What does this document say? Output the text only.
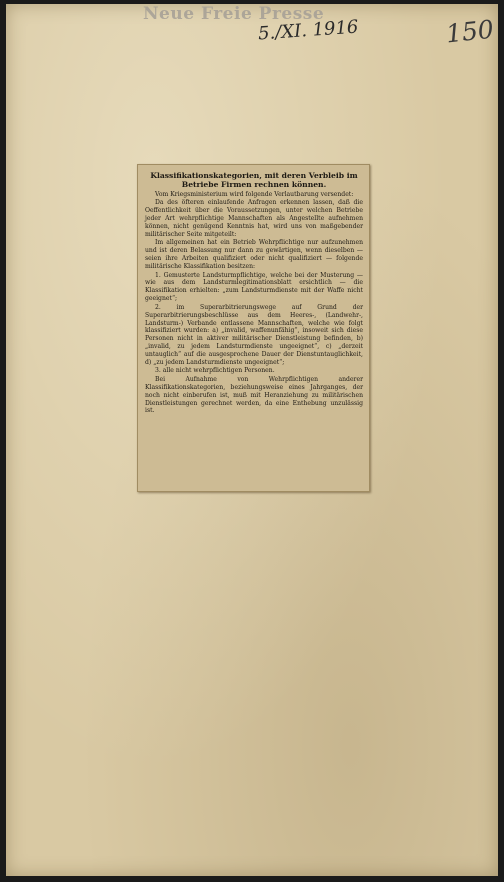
Neue Freie Presse
5./XI. 1916	150

Klassifikationskategorien, mit deren Verbleib im Betriebe Firmen rechnen können.

Vom Kriegsministerium wird folgende Verlautbarung versendet:

Da des öfteren einlaufende Anfragen erkennen lassen, daß die Oeffentlichkeit über die Voraussetzungen, unter welchen Betriebe jeder Art wehrpflichtige Mannschaften als Angestellte aufnehmen können, nicht genügend Kenntnis hat, wird uns von maßgebender militärischer Seite mitgeteilt:

Im allgemeinen hat ein Betrieb Wehrpflichtige nur aufzunehmen und ist deren Belassung nur dann zu gewärtigen, wenn dieselben — seien ihre Arbeiten qualifiziert oder nicht qualifiziert — folgende militärische Klassifikation besitzen:

1. Gemusterte Landsturmpflichtige, welche bei der Musterung — wie aus dem Landsturmlegitimationsblatt ersichtlich — die Klassifikation erhielten: „zum Landsturmdienste mit der Waffe nicht geeignet“;

2. im Superarbitrierungswege auf Grund der Superarbitrierungsbeschlüsse aus dem Heeres-, (Landwehr-, Landsturm-) Verbande entlassene Mannschaften, welche wie folgt klassifiziert wurden: a) „invalid, waffenunfähig“, insoweit sich diese Personen nicht in aktiver militärischer Dienstleistung befinden, b) „invalid, zu jedem Landsturmdienste ungeeignet“, c) „derzeit untauglich“ auf die ausgesprochene Dauer der Dienstuntauglichkeit, d) „zu jedem Landsturmdienste ungeeignet“;

3. alle nicht wehrpflichtigen Personen.

Bei Aufnahme von Wehrpflichtigen anderer Klassifikationskategorien, beziehungsweise eines Jahrganges, der noch nicht einberufen ist, muß mit Heranziehung zu militärischen Dienstleistungen gerechnet werden, da eine Enthebung unzulässig ist.
